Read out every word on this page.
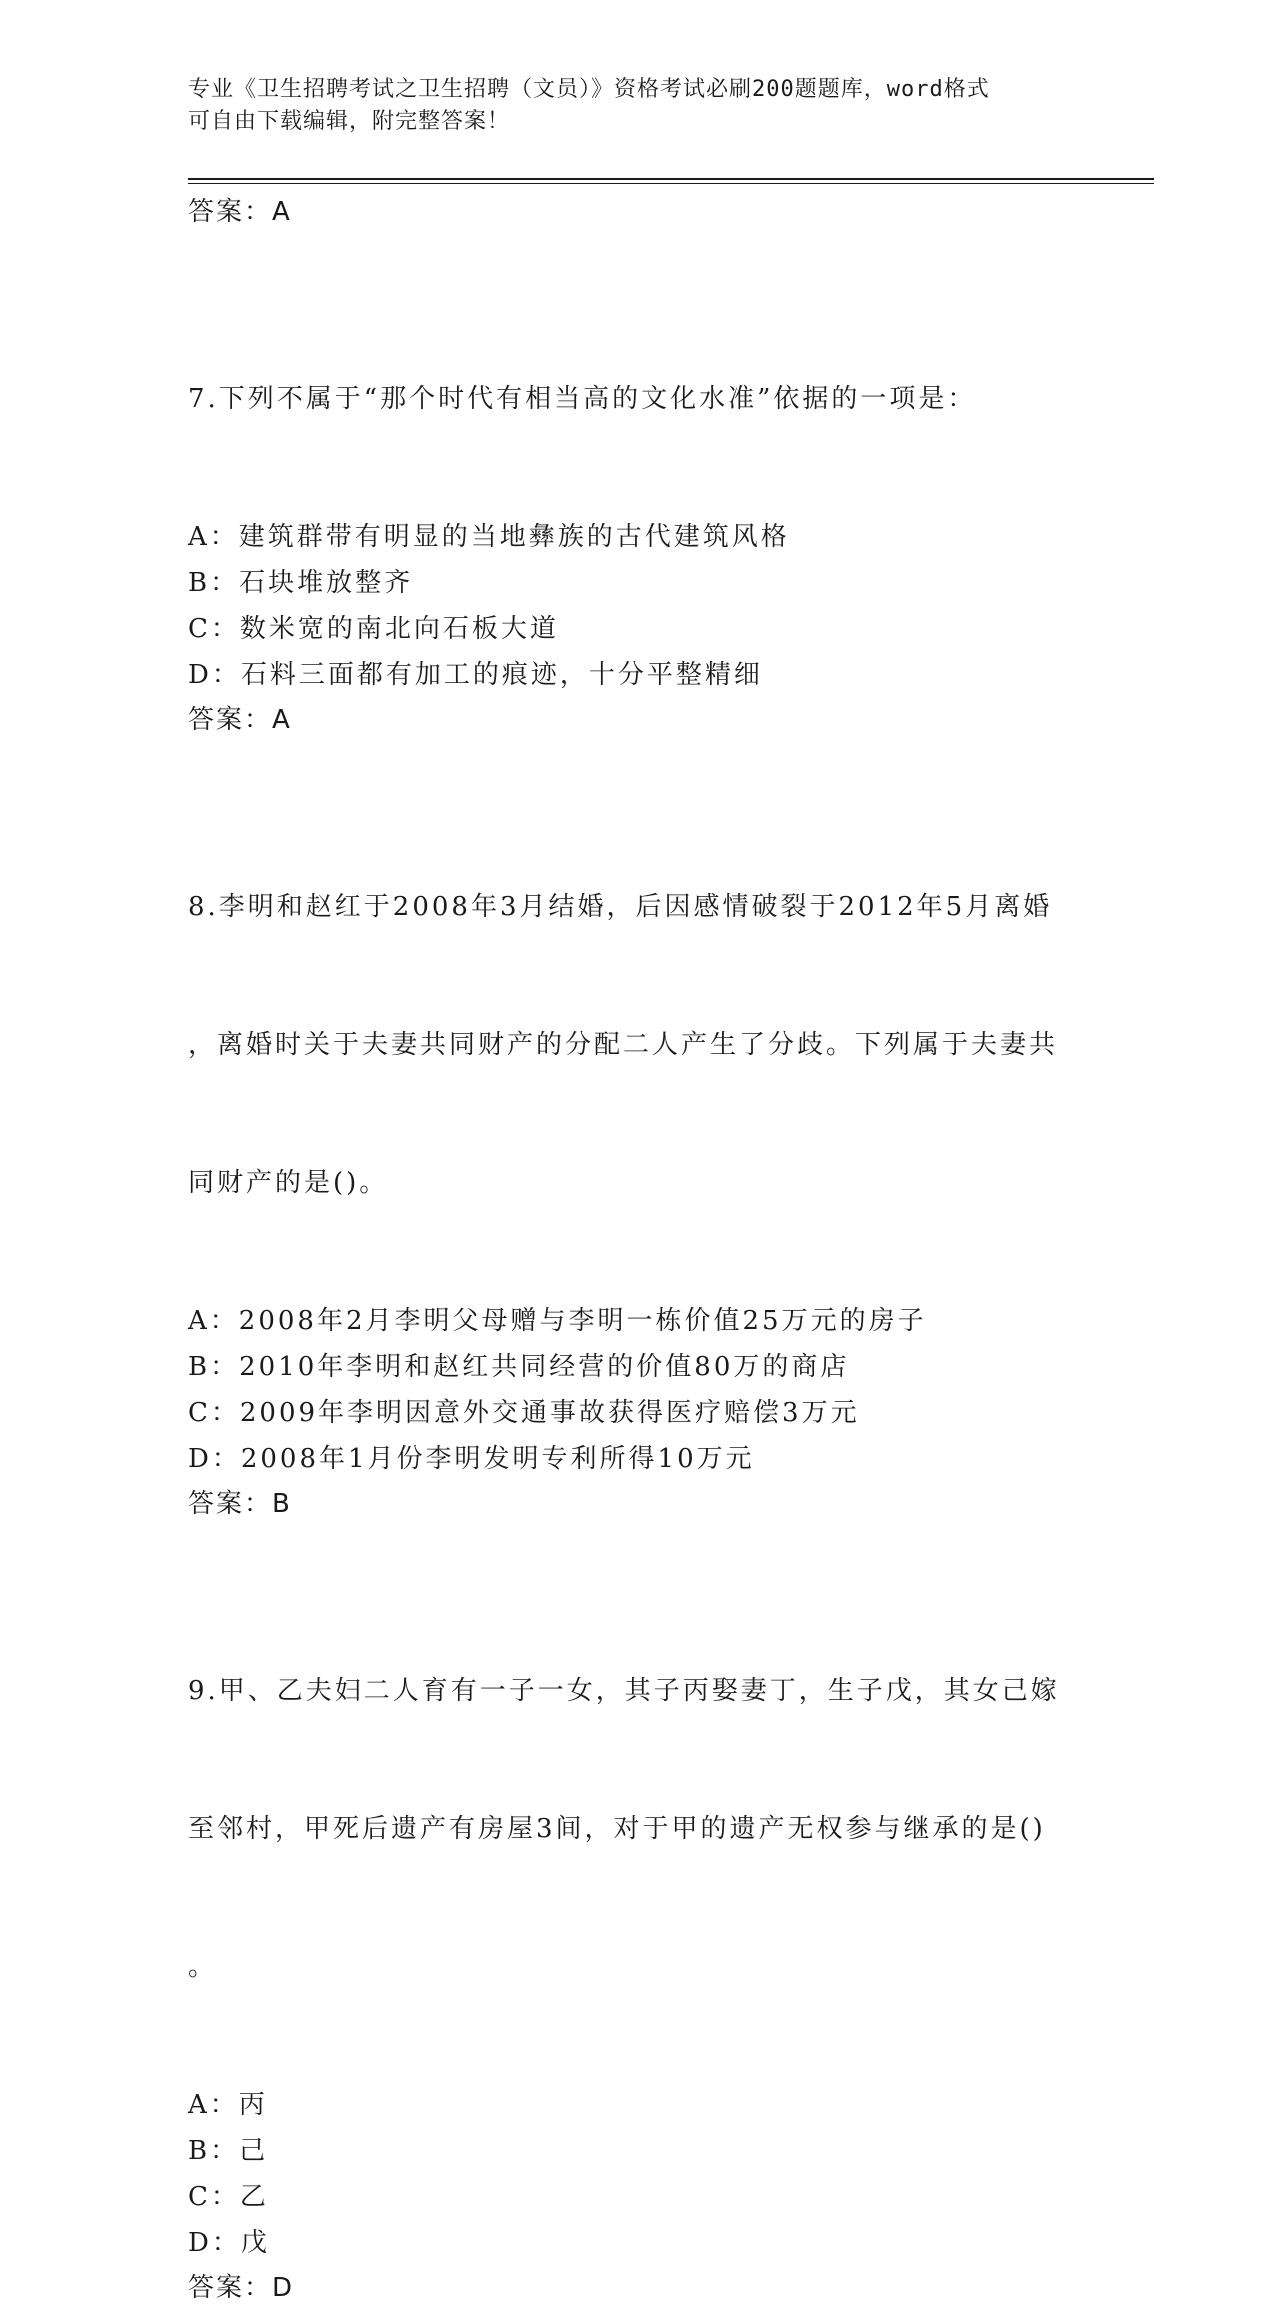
专业《卫生招聘考试之卫生招聘（文员）》资格考试必刷200题题库，word格式
可自由下载编辑，附完整答案！

答案：A

7.下列不属于“那个时代有相当高的文化水准”依据的一项是：

A：建筑群带有明显的当地彝族的古代建筑风格

B：石块堆放整齐

C：数米宽的南北向石板大道

D：石料三面都有加工的痕迹，十分平整精细

答案：A

8.李明和赵红于2008年3月结婚，后因感情破裂于2012年5月离婚

，离婚时关于夫妻共同财产的分配二人产生了分歧。下列属于夫妻共

同财产的是()。

A：2008年2月李明父母赠与李明一栋价值25万元的房子

B：2010年李明和赵红共同经营的价值80万的商店

C：2009年李明因意外交通事故获得医疗赔偿3万元

D：2008年1月份李明发明专利所得10万元

答案：B

9.甲、乙夫妇二人育有一子一女，其子丙娶妻丁，生子戊，其女己嫁

至邻村，甲死后遗产有房屋3间，对于甲的遗产无权参与继承的是()

。

A：丙

B：己

C：乙

D：戊

答案：D
